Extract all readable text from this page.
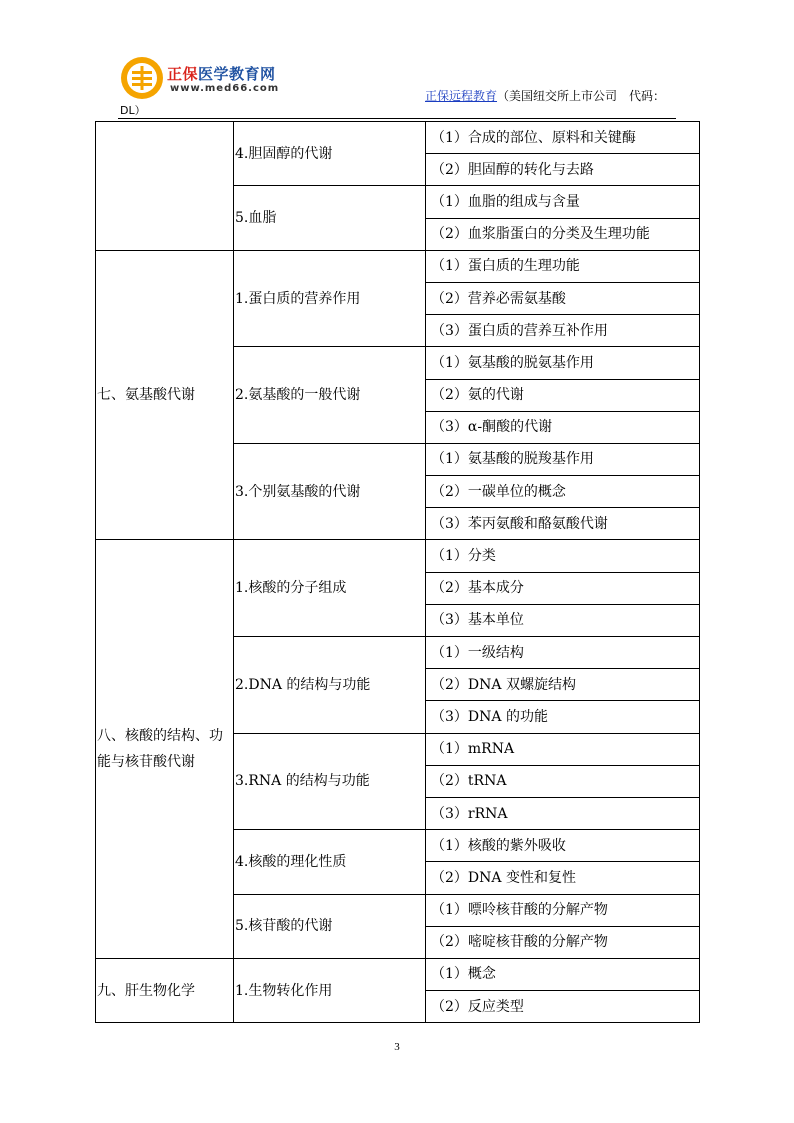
正保医学教育网
www.med66.com
正保远程教育（美国纽交所上市公司　代码：
DL）
	4.胆固醇的代谢	（1）合成的部位、原料和关键酶
		（2）胆固醇的转化与去路
	5.血脂	（1）血脂的组成与含量
		（2）血浆脂蛋白的分类及生理功能
七、氨基酸代谢	1.蛋白质的营养作用	（1）蛋白质的生理功能
		（2）营养必需氨基酸
		（3）蛋白质的营养互补作用
	2.氨基酸的一般代谢	（1）氨基酸的脱氨基作用
		（2）氨的代谢
		（3）α-酮酸的代谢
	3.个别氨基酸的代谢	（1）氨基酸的脱羧基作用
		（2）一碳单位的概念
		（3）苯丙氨酸和酪氨酸代谢
八、核酸的结构、功能与核苷酸代谢	1.核酸的分子组成	（1）分类
		（2）基本成分
		（3）基本单位
	2.DNA 的结构与功能	（1）一级结构
		（2）DNA 双螺旋结构
		（3）DNA 的功能
	3.RNA 的结构与功能	（1）mRNA
		（2）tRNA
		（3）rRNA
	4.核酸的理化性质	（1）核酸的紫外吸收
		（2）DNA 变性和复性
	5.核苷酸的代谢	（1）嘌呤核苷酸的分解产物
		（2）嘧啶核苷酸的分解产物
九、肝生物化学	1.生物转化作用	（1）概念
		（2）反应类型
3
